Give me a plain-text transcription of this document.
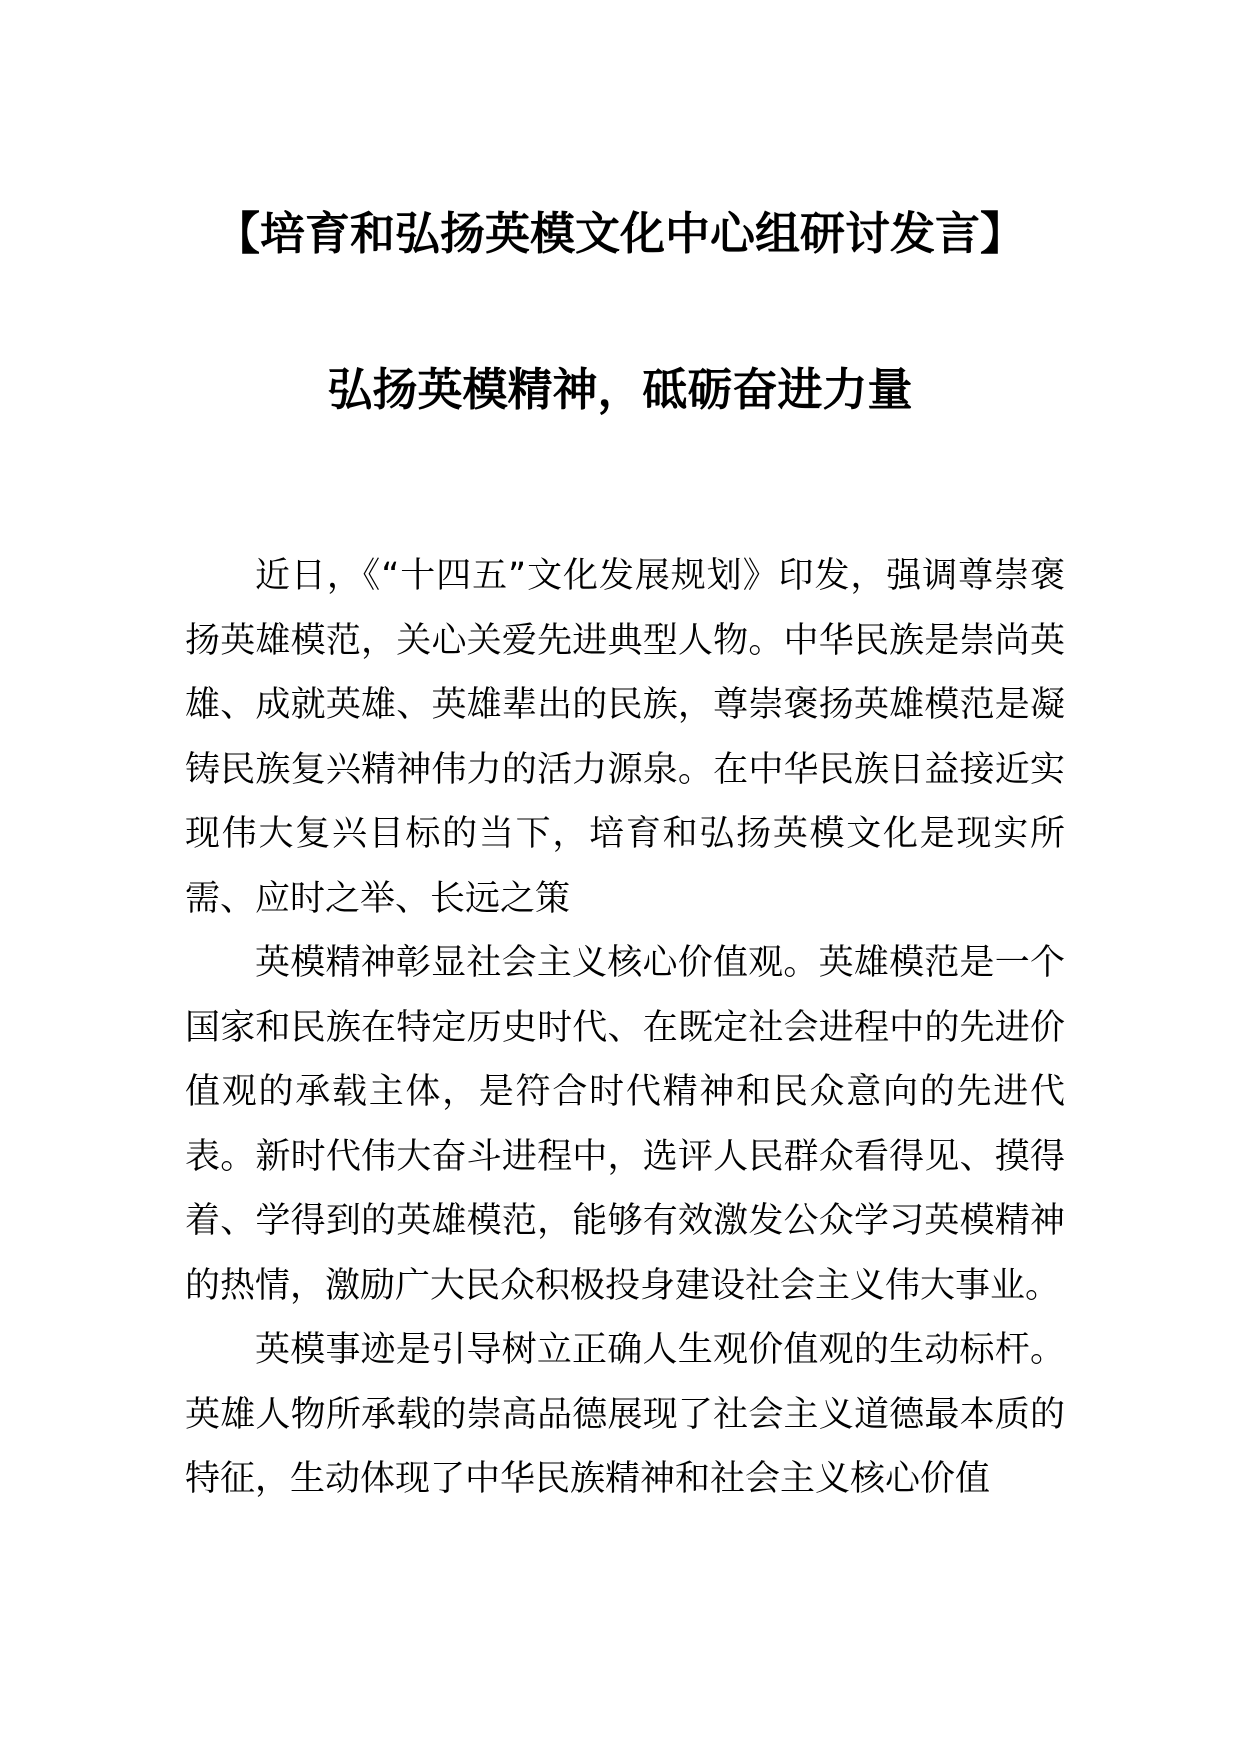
【培育和弘扬英模文化中心组研讨发言】
弘扬英模精神，砥砺奋进力量

近日，《“十四五”文化发展规划》印发，强调尊崇褒扬英雄模范，关心关爱先进典型人物。中华民族是崇尚英雄、成就英雄、英雄辈出的民族，尊崇褒扬英雄模范是凝铸民族复兴精神伟力的活力源泉。在中华民族日益接近实现伟大复兴目标的当下，培育和弘扬英模文化是现实所需、应时之举、长远之策

英模精神彰显社会主义核心价值观。英雄模范是一个国家和民族在特定历史时代、在既定社会进程中的先进价值观的承载主体，是符合时代精神和民众意向的先进代表。新时代伟大奋斗进程中，选评人民群众看得见、摸得着、学得到的英雄模范，能够有效激发公众学习英模精神的热情，激励广大民众积极投身建设社会主义伟大事业。

英模事迹是引导树立正确人生观价值观的生动标杆。英雄人物所承载的崇高品德展现了社会主义道德最本质的特征，生动体现了中华民族精神和社会主义核心价值
